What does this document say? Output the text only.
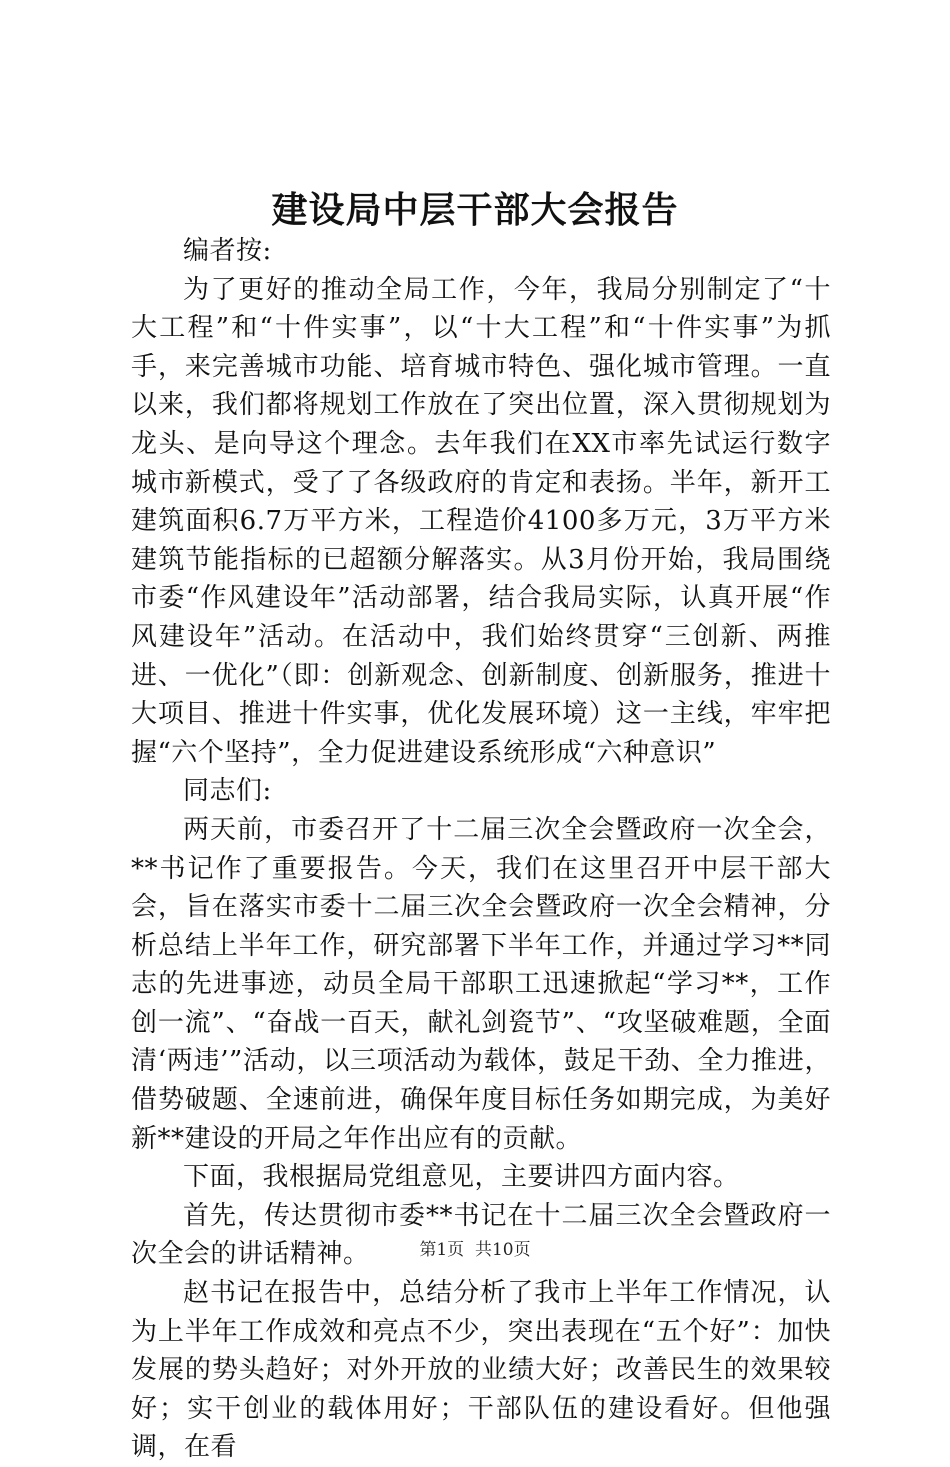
建设局中层干部大会报告

编者按:

为了更好的推动全局工作，今年，我局分别制定了“十大工程”和“十件实事”，以“十大工程”和“十件实事”为抓手，来完善城市功能、培育城市特色、强化城市管理。一直以来，我们都将规划工作放在了突出位置，深入贯彻规划为龙头、是向导这个理念。去年我们在XX市率先试运行数字城市新模式，受了了各级政府的肯定和表扬。半年，新开工建筑面积6.7万平方米，工程造价4100多万元，3万平方米建筑节能指标的已超额分解落实。从3月份开始，我局围绕市委“作风建设年”活动部署，结合我局实际，认真开展“作风建设年”活动。在活动中，我们始终贯穿“三创新、两推进、一优化”（即：创新观念、创新制度、创新服务，推进十大项目、推进十件实事，优化发展环境）这一主线，牢牢把握“六个坚持”，全力促进建设系统形成“六种意识”

同志们:

两天前，市委召开了十二届三次全会暨政府一次全会，**书记作了重要报告。今天，我们在这里召开中层干部大会，旨在落实市委十二届三次全会暨政府一次全会精神，分析总结上半年工作，研究部署下半年工作，并通过学习**同志的先进事迹，动员全局干部职工迅速掀起“学习**，工作创一流”、“奋战一百天，献礼剑瓷节”、“攻坚破难题，全面清‘两违’”活动，以三项活动为载体，鼓足干劲、全力推进，借势破题、全速前进，确保年度目标任务如期完成，为美好新**建设的开局之年作出应有的贡献。

下面，我根据局党组意见，主要讲四方面内容。

首先，传达贯彻市委**书记在十二届三次全会暨政府一次全会的讲话精神。

赵书记在报告中，总结分析了我市上半年工作情况，认为上半年工作成效和亮点不少，突出表现在“五个好”：加快发展的势头趋好；对外开放的业绩大好；改善民生的效果较好；实干创业的载体用好；干部队伍的建设看好。但他强调，在看

第1页  共10页
